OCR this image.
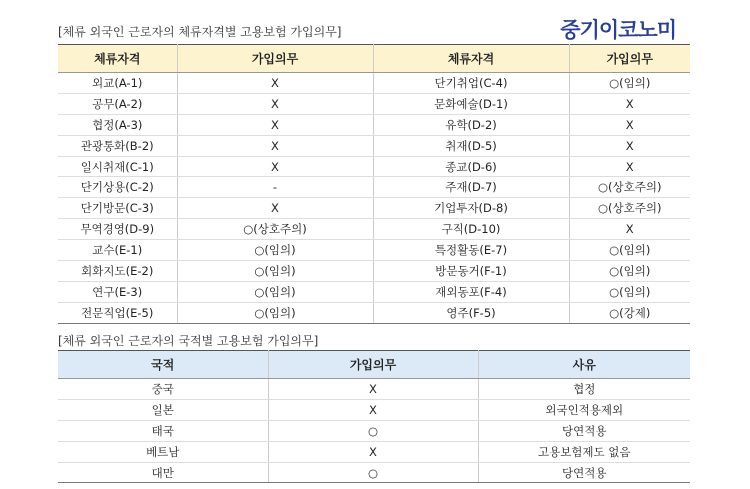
[체류 외국인 근로자의 체류자격별 고용보험 가입의무]	중기이코노미
체류자격	가입의무	체류자격	가입의무
외교(A-1)	X	단기취업(C-4)	○(임의)
공무(A-2)	X	문화예술(D-1)	X
협정(A-3)	X	유학(D-2)	X
관광통화(B-2)	X	취재(D-5)	X
일시취재(C-1)	X	종교(D-6)	X
단기상용(C-2)	-	주재(D-7)	○(상호주의)
단기방문(C-3)	X	기업투자(D-8)	○(상호주의)
무역경영(D-9)	○(상호주의)	구직(D-10)	X
교수(E-1)	○(임의)	특정활동(E-7)	○(임의)
회화지도(E-2)	○(임의)	방문동거(F-1)	○(임의)
연구(E-3)	○(임의)	재외동포(F-4)	○(임의)
전문직업(E-5)	○(임의)	영주(F-5)	○(강제)
[체류 외국인 근로자의 국적별 고용보험 가입의무]
국적	가입의무	사유
중국	X	협정
일본	X	외국인적용제외
태국	○	당연적용
베트남	X	고용보험제도 없음
대만	○	당연적용
